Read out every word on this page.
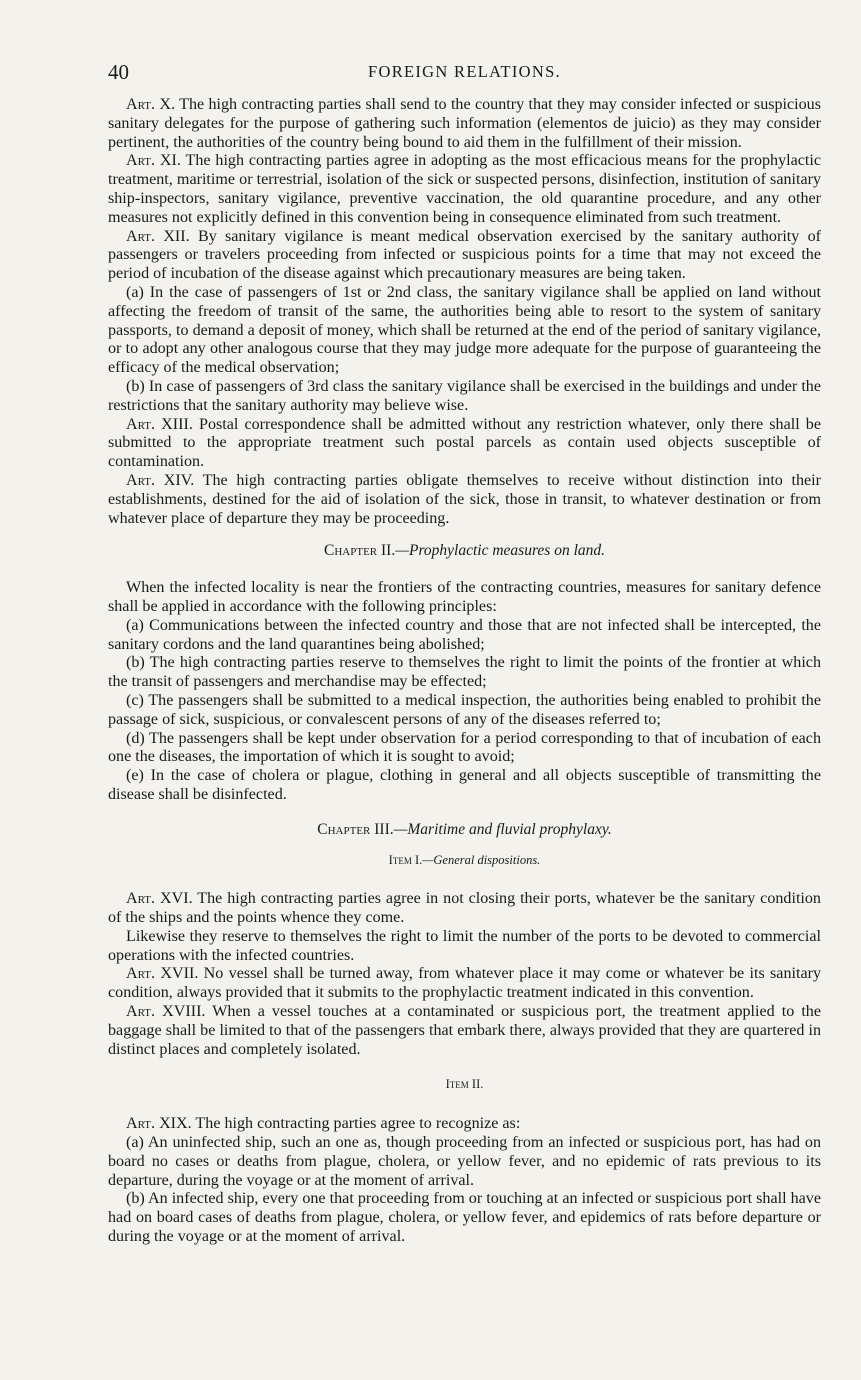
40	FOREIGN RELATIONS.

Art. X. The high contracting parties shall send to the country that they may consider infected or suspicious sanitary delegates for the purpose of gathering such information (elementos de juicio) as they may consider pertinent, the authorities of the country being bound to aid them in the fulfillment of their mission.

Art. XI. The high contracting parties agree in adopting as the most efficacious means for the prophylactic treatment, maritime or terrestrial, isolation of the sick or suspected persons, disinfection, institution of sanitary ship-inspectors, sanitary vigilance, preventive vaccination, the old quarantine procedure, and any other measures not explicitly defined in this convention being in consequence eliminated from such treatment.

Art. XII. By sanitary vigilance is meant medical observation exercised by the sanitary authority of passengers or travelers proceeding from infected or suspicious points for a time that may not exceed the period of incubation of the disease against which precautionary measures are being taken.

(a) In the case of passengers of 1st or 2nd class, the sanitary vigilance shall be applied on land without affecting the freedom of transit of the same, the authorities being able to resort to the system of sanitary passports, to demand a deposit of money, which shall be returned at the end of the period of sanitary vigilance, or to adopt any other analogous course that they may judge more adequate for the purpose of guaranteeing the efficacy of the medical observation;

(b) In case of passengers of 3rd class the sanitary vigilance shall be exercised in the buildings and under the restrictions that the sanitary authority may believe wise.

Art. XIII. Postal correspondence shall be admitted without any restriction whatever, only there shall be submitted to the appropriate treatment such postal parcels as contain used objects susceptible of contamination.

Art. XIV. The high contracting parties obligate themselves to receive without distinction into their establishments, destined for the aid of isolation of the sick, those in transit, to whatever destination or from whatever place of departure they may be proceeding.

Chapter II.—Prophylactic measures on land.

When the infected locality is near the frontiers of the contracting countries, measures for sanitary defence shall be applied in accordance with the following principles:

(a) Communications between the infected country and those that are not infected shall be intercepted, the sanitary cordons and the land quarantines being abolished;

(b) The high contracting parties reserve to themselves the right to limit the points of the frontier at which the transit of passengers and merchandise may be effected;

(c) The passengers shall be submitted to a medical inspection, the authorities being enabled to prohibit the passage of sick, suspicious, or convalescent persons of any of the diseases referred to;

(d) The passengers shall be kept under observation for a period corresponding to that of incubation of each one the diseases, the importation of which it is sought to avoid;

(e) In the case of cholera or plague, clothing in general and all objects susceptible of transmitting the disease shall be disinfected.

Chapter III.—Maritime and fluvial prophylaxy.

Item I.—General dispositions.

Art. XVI. The high contracting parties agree in not closing their ports, whatever be the sanitary condition of the ships and the points whence they come.

Likewise they reserve to themselves the right to limit the number of the ports to be devoted to commercial operations with the infected countries.

Art. XVII. No vessel shall be turned away, from whatever place it may come or whatever be its sanitary condition, always provided that it submits to the prophylactic treatment indicated in this convention.

Art. XVIII. When a vessel touches at a contaminated or suspicious port, the treatment applied to the baggage shall be limited to that of the passengers that embark there, always provided that they are quartered in distinct places and completely isolated.

Item II.

Art. XIX. The high contracting parties agree to recognize as:

(a) An uninfected ship, such an one as, though proceeding from an infected or suspicious port, has had on board no cases or deaths from plague, cholera, or yellow fever, and no epidemic of rats previous to its departure, during the voyage or at the moment of arrival.

(b) An infected ship, every one that proceeding from or touching at an infected or suspicious port shall have had on board cases of deaths from plague, cholera, or yellow fever, and epidemics of rats before departure or during the voyage or at the moment of arrival.
